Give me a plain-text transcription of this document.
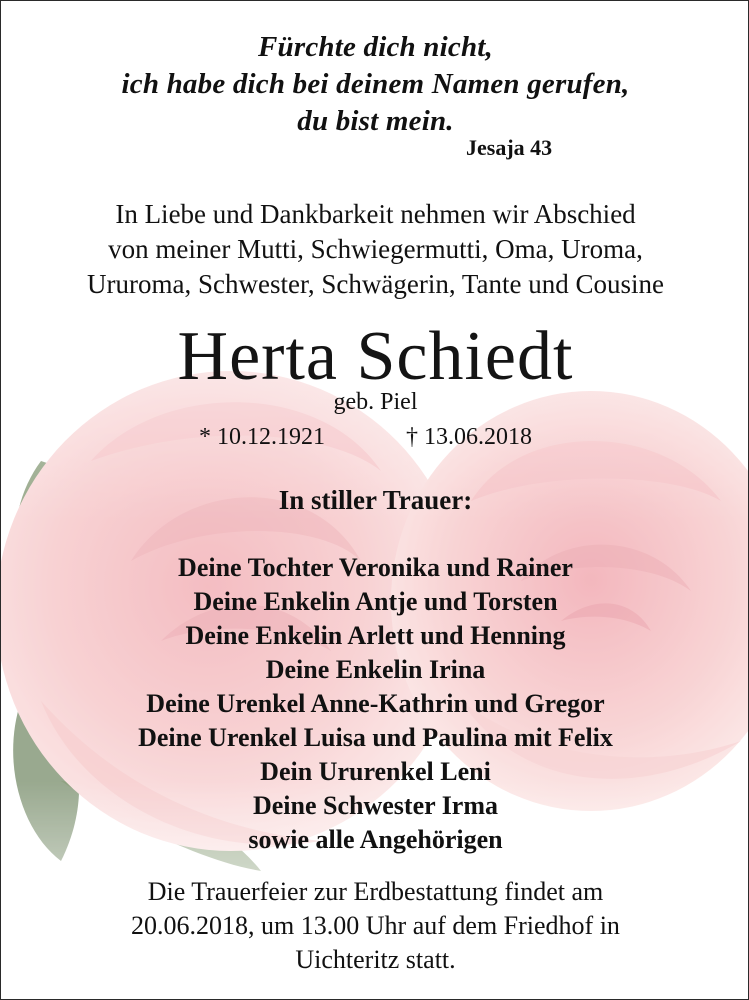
Fürchte dich nicht,
ich habe dich bei deinem Namen gerufen,
du bist mein.
Jesaja 43
In Liebe und Dankbarkeit nehmen wir Abschied
von meiner Mutti, Schwiegermutti, Oma, Uroma,
Ururoma, Schwester, Schwägerin, Tante und Cousine
Herta Schiedt
geb. Piel
* 10.12.1921	† 13.06.2018
In stiller Trauer:
Deine Tochter Veronika und Rainer
Deine Enkelin Antje und Torsten
Deine Enkelin Arlett und Henning
Deine Enkelin Irina
Deine Urenkel Anne-Kathrin und Gregor
Deine Urenkel Luisa und Paulina mit Felix
Dein Ururenkel Leni
Deine Schwester Irma
sowie alle Angehörigen
Die Trauerfeier zur Erdbestattung findet am
20.06.2018, um 13.00 Uhr auf dem Friedhof in
Uichteritz statt.
